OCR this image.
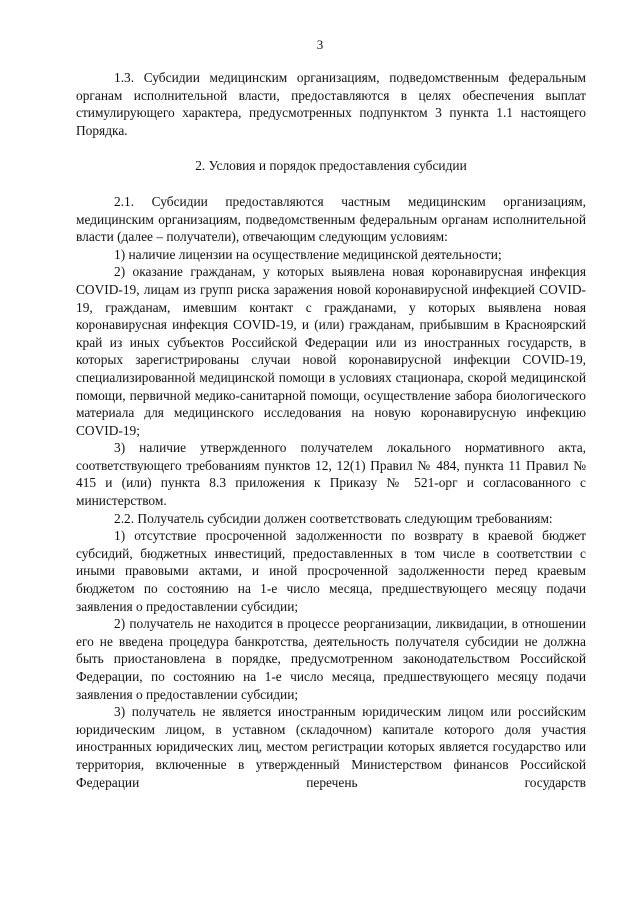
3

1.3. Субсидии медицинским организациям, подведомственным федеральным органам исполнительной власти, предоставляются в целях обеспечения выплат стимулирующего характера, предусмотренных подпунктом 3 пункта 1.1 настоящего Порядка.

2. Условия и порядок предоставления субсидии

2.1. Субсидии предоставляются частным медицинским организациям, медицинским организациям, подведомственным федеральным органам исполнительной власти (далее – получатели), отвечающим следующим условиям:

1) наличие лицензии на осуществление медицинской деятельности;

2) оказание гражданам, у которых выявлена новая коронавирусная инфекция COVID-19, лицам из групп риска заражения новой коронавирусной инфекцией COVID-19, гражданам, имевшим контакт с гражданами, у которых выявлена новая коронавирусная инфекция COVID-19, и (или) гражданам, прибывшим в Красноярский край из иных субъектов Российской Федерации или из иностранных государств, в которых зарегистрированы случаи новой коронавирусной инфекции COVID-19, специализированной медицинской помощи в условиях стационара, скорой медицинской помощи, первичной медико-санитарной помощи, осуществление забора биологического материала для медицинского исследования на новую коронавирусную инфекцию COVID-19;

3) наличие утвержденного получателем локального нормативного акта, соответствующего требованиям пунктов 12, 12(1) Правил № 484, пункта 11 Правил № 415 и (или) пункта 8.3 приложения к Приказу № 521-орг и согласованного с министерством.

2.2. Получатель субсидии должен соответствовать следующим требованиям:

1) отсутствие просроченной задолженности по возврату в краевой бюджет субсидий, бюджетных инвестиций, предоставленных в том числе в соответствии с иными правовыми актами, и иной просроченной задолженности перед краевым бюджетом по состоянию на 1-е число месяца, предшествующего месяцу подачи заявления о предоставлении субсидии;

2) получатель не находится в процессе реорганизации, ликвидации, в отношении его не введена процедура банкротства, деятельность получателя субсидии не должна быть приостановлена в порядке, предусмотренном законодательством Российской Федерации, по состоянию на 1-е число месяца, предшествующего месяцу подачи заявления о предоставлении субсидии;

3) получатель не является иностранным юридическим лицом или российским юридическим лицом, в уставном (складочном) капитале которого доля участия иностранных юридических лиц, местом регистрации которых является государство или территория, включенные в утвержденный Министерством финансов Российской Федерации перечень государств
